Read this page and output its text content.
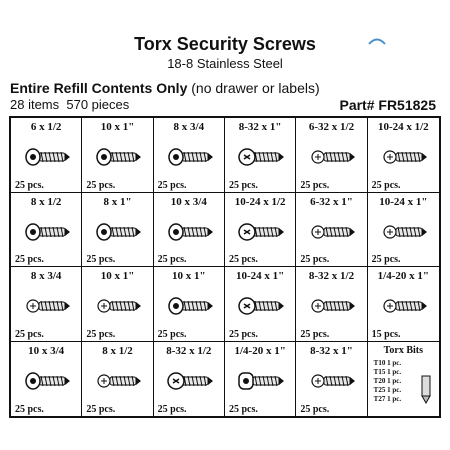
Torx Security Screws
18-8 Stainless Steel
Entire Refill Contents Only (no drawer or labels)
28 items 570 pieces	Part# FR51825
6 x 1/2
25 pcs.
10 x 1"
25 pcs.
8 x 3/4
25 pcs.
8-32 x 1"
25 pcs.
6-32 x 1/2
25 pcs.
10-24 x 1/2
25 pcs.
8 x 1/2
25 pcs.
8 x 1"
25 pcs.
10 x 3/4
25 pcs.
10-24 x 1/2
25 pcs.
6-32 x 1"
25 pcs.
10-24 x 1"
25 pcs.
8 x 3/4
25 pcs.
10 x 1"
25 pcs.
10 x 1"
25 pcs.
10-24 x 1"
25 pcs.
8-32 x 1/2
25 pcs.
1/4-20 x 1"
15 pcs.
10 x 3/4
25 pcs.
8 x 1/2
25 pcs.
8-32 x 1/2
25 pcs.
1/4-20 x 1"
25 pcs.
8-32 x 1"
25 pcs.
Torx Bits
T10 1 pc.
T15 1 pc.
T20 1 pc.
T25 1 pc.
T27 1 pc.
